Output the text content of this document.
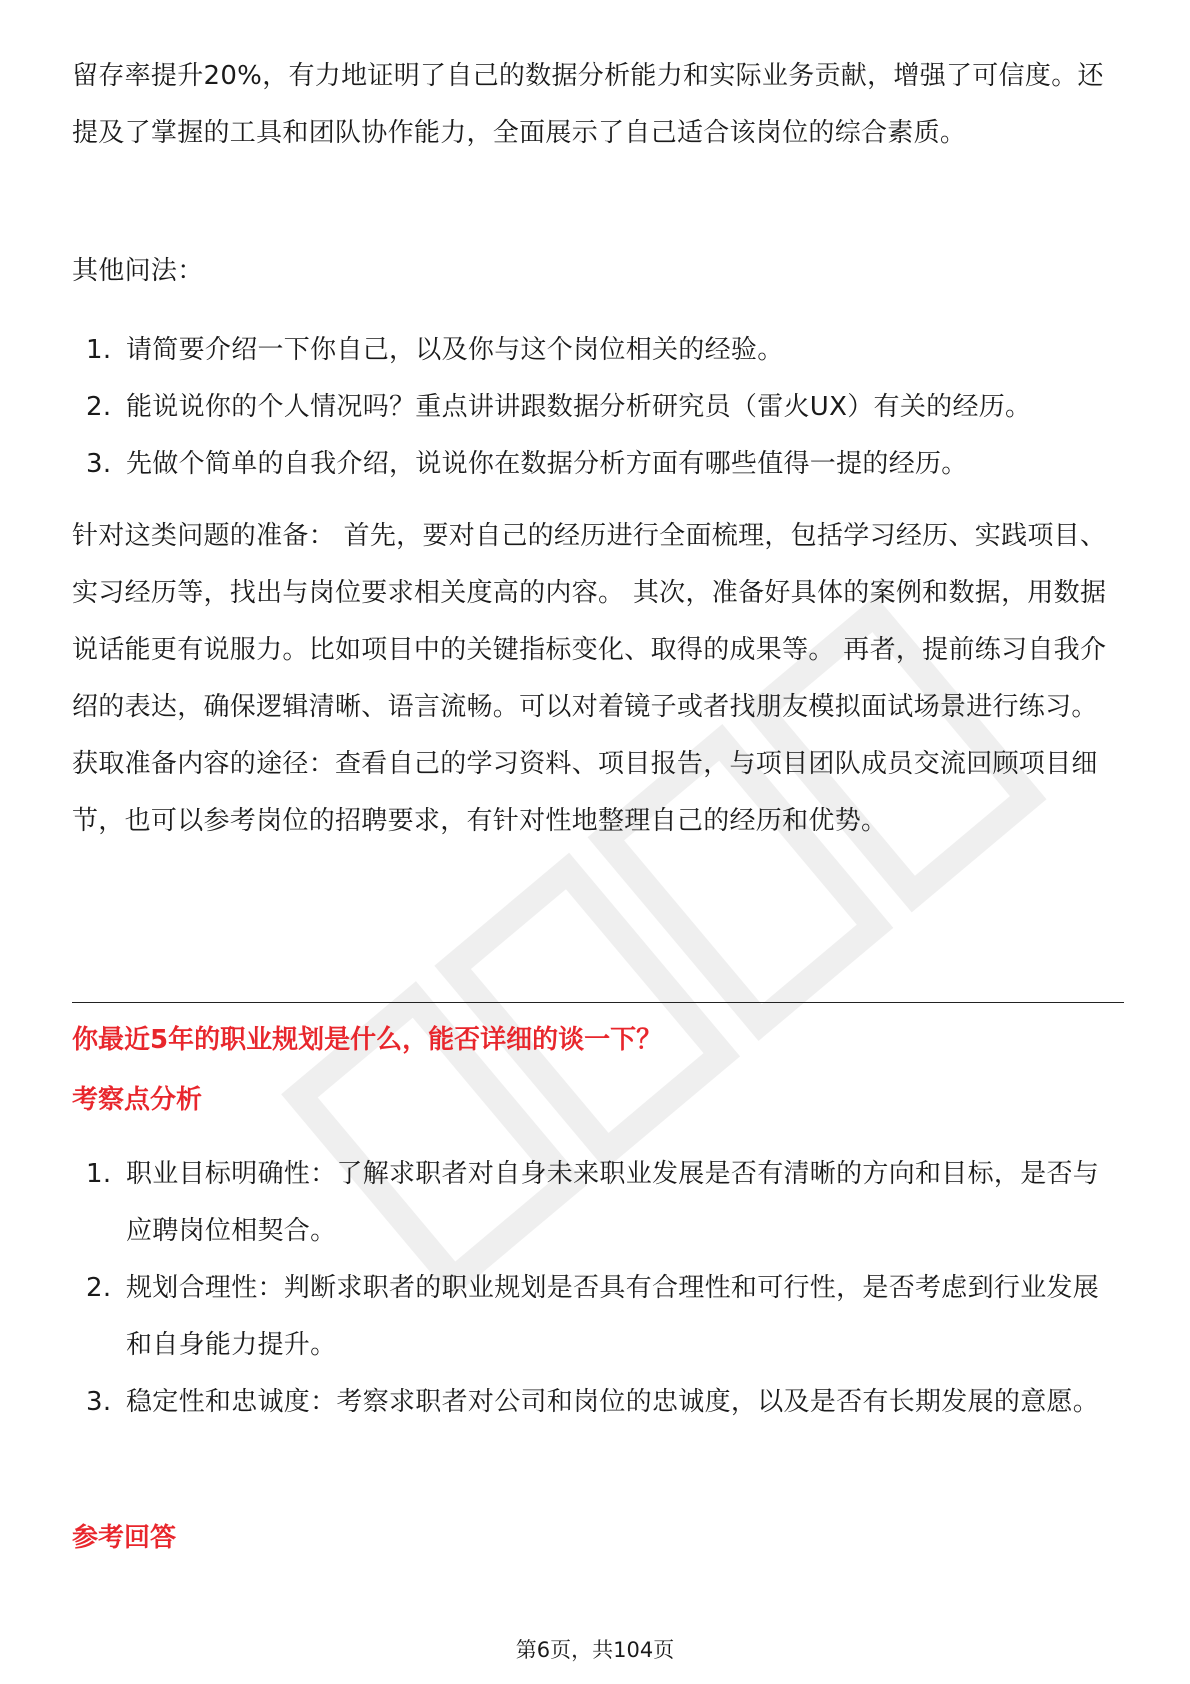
留存率提升20%，有力地证明了自己的数据分析能力和实际业务贡献，增强了可信度。还提及了掌握的工具和团队协作能力，全面展示了自己适合该岗位的综合素质。

其他问法：

1. 请简要介绍一下你自己，以及你与这个岗位相关的经验。
2. 能说说你的个人情况吗？重点讲讲跟数据分析研究员（雷火UX）有关的经历。
3. 先做个简单的自我介绍，说说你在数据分析方面有哪些值得一提的经历。

针对这类问题的准备： 首先，要对自己的经历进行全面梳理，包括学习经历、实践项目、实习经历等，找出与岗位要求相关度高的内容。 其次，准备好具体的案例和数据，用数据说话能更有说服力。比如项目中的关键指标变化、取得的成果等。 再者，提前练习自我介绍的表达，确保逻辑清晰、语言流畅。可以对着镜子或者找朋友模拟面试场景进行练习。 获取准备内容的途径：查看自己的学习资料、项目报告，与项目团队成员交流回顾项目细节，也可以参考岗位的招聘要求，有针对性地整理自己的经历和优势。

你最近5年的职业规划是什么，能否详细的谈一下？
考察点分析
1. 职业目标明确性：了解求职者对自身未来职业发展是否有清晰的方向和目标，是否与应聘岗位相契合。
2. 规划合理性：判断求职者的职业规划是否具有合理性和可行性，是否考虑到行业发展和自身能力提升。
3. 稳定性和忠诚度：考察求职者对公司和岗位的忠诚度，以及是否有长期发展的意愿。
参考回答
第6页，共104页
